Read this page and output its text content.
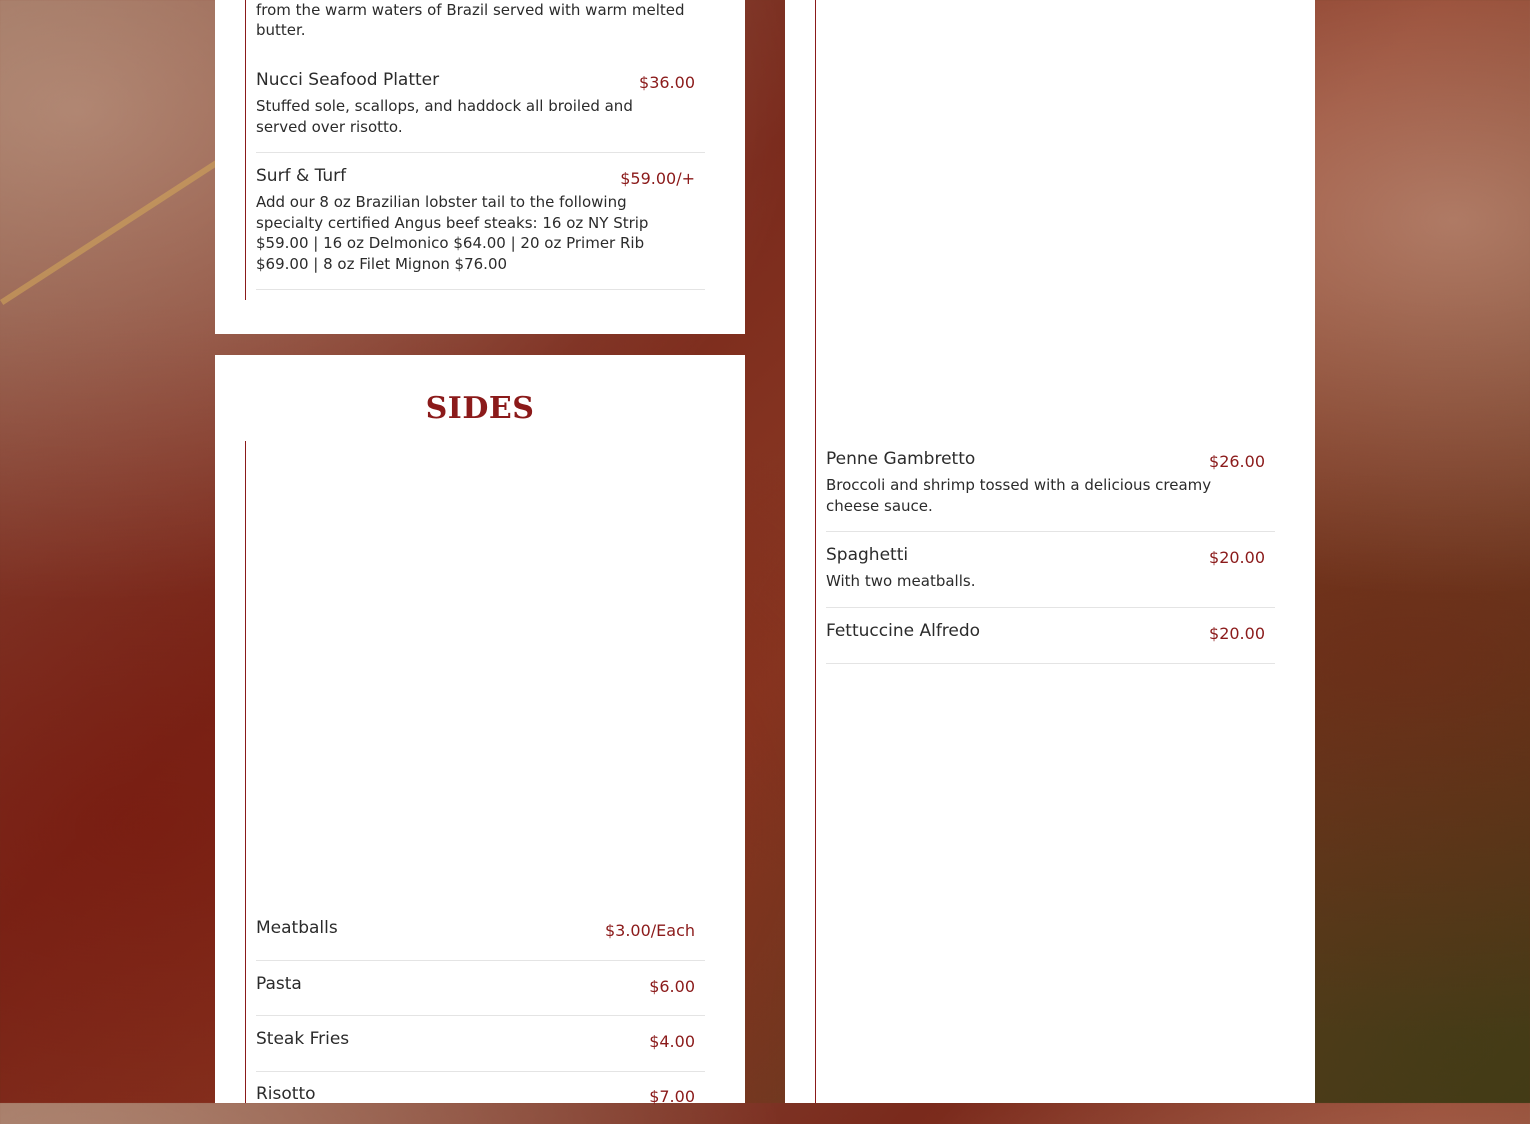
from the warm waters of Brazil served with warm melted butter.
Nucci Seafood Platter	$36.00
Stuffed sole, scallops, and haddock all broiled and served over risotto.
Surf & Turf	$59.00/+
Add our 8 oz Brazilian lobster tail to the following specialty certified Angus beef steaks: 16 oz NY Strip $59.00 | 16 oz Delmonico $64.00 | 20 oz Primer Rib $69.00 | 8 oz Filet Mignon $76.00
SIDES
Meatballs	$3.00/Each
Pasta	$6.00
Steak Fries	$4.00
Risotto	$7.00
Penne Gambretto	$26.00
Broccoli and shrimp tossed with a delicious creamy cheese sauce.
Spaghetti	$20.00
With two meatballs.
Fettuccine Alfredo	$20.00
